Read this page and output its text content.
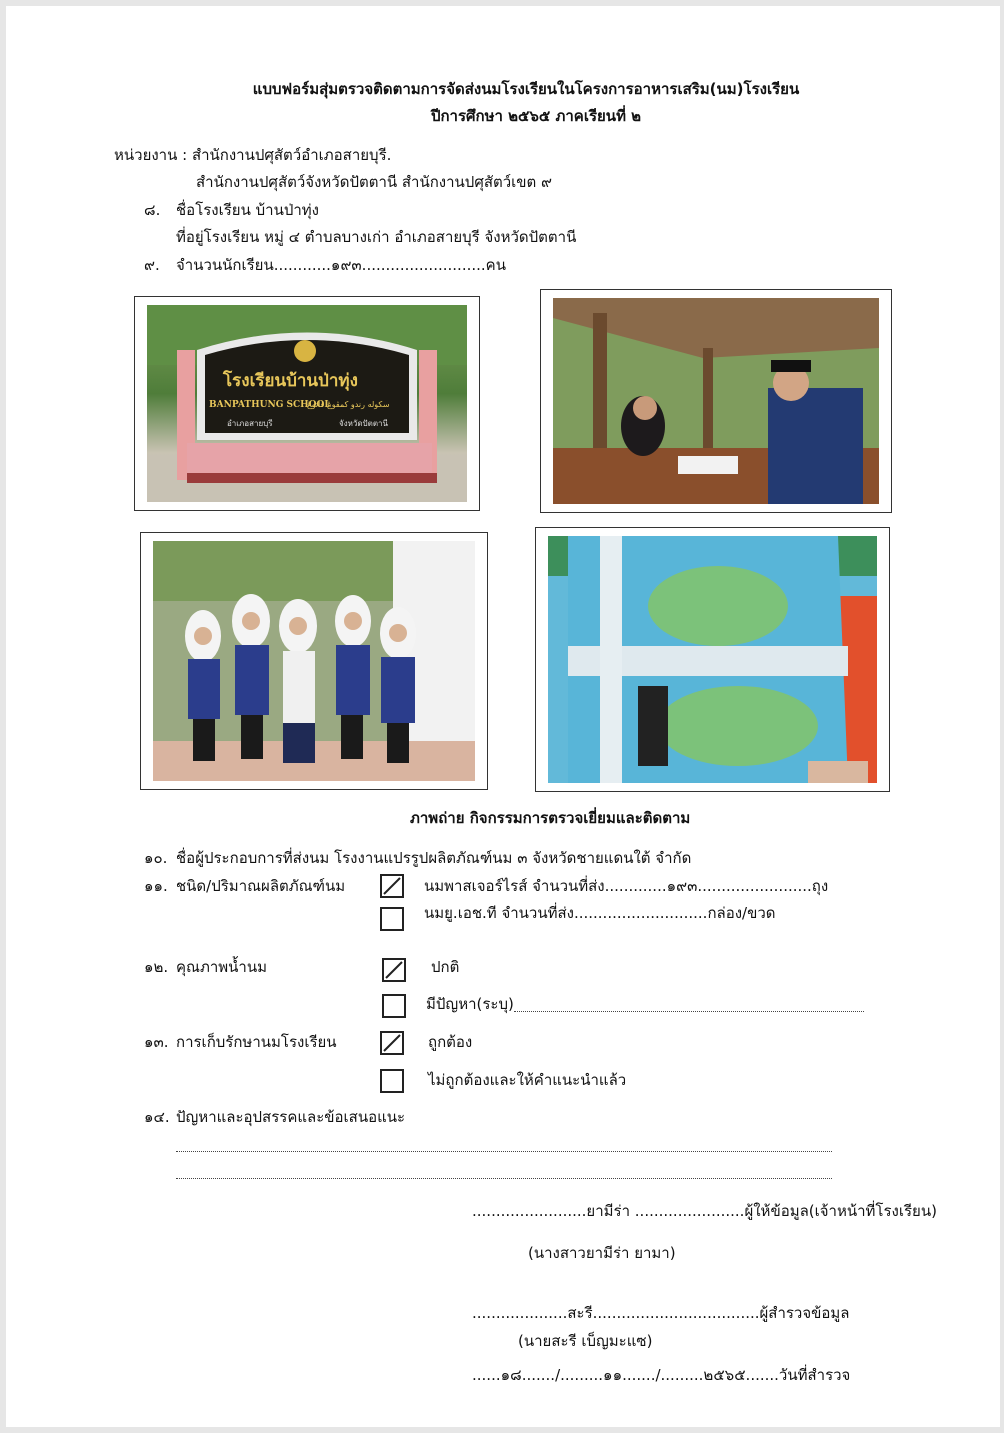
แบบฟอร์มสุ่มตรวจติดตามการจัดส่งนมโรงเรียนในโครงการอาหารเสริม(นม)โรงเรียน
ปีการศึกษา ๒๕๖๕ ภาคเรียนที่ ๒
หน่วยงาน : สำนักงานปศุสัตว์อำเภอสายบุรี.
สำนักงานปศุสัตว์จังหวัดปัตตานี สำนักงานปศุสัตว์เขต ๙
๘. ชื่อโรงเรียน บ้านป่าทุ่ง
ที่อยู่โรงเรียน หมู่ ๔ ตำบลบางเก่า อำเภอสายบุรี จังหวัดปัตตานี
๙. จำนวนนักเรียน............๑๙๓..........................คน
โรงเรียนบ้านป่าทุ่ง
BANPATHUNG SCHOOL
سکوله رندو کمڤوڠ ڤاتوڠ
อำเภอสายบุรี	จังหวัดปัตตานี
ภาพถ่าย กิจกรรมการตรวจเยี่ยมและติดตาม
๑๐. ชื่อผู้ประกอบการที่ส่งนม โรงงานแปรรูปผลิตภัณฑ์นม ๓ จังหวัดชายแดนใต้ จำกัด
๑๑. ชนิด/ปริมาณผลิตภัณฑ์นม	นมพาสเจอร์ไรส์ จำนวนที่ส่ง.............๑๙๓........................ถุง
นมยู.เอช.ที จำนวนที่ส่ง............................กล่อง/ขวด
๑๒. คุณภาพน้ำนม	ปกติ
มีปัญหา(ระบุ)
๑๓. การเก็บรักษานมโรงเรียน	ถูกต้อง
ไม่ถูกต้องและให้คำแนะนำแล้ว
๑๔. ปัญหาและอุปสรรคและข้อเสนอแนะ
........................ยามีร่า .......................ผู้ให้ข้อมูล(เจ้าหน้าที่โรงเรียน)
(นางสาวยามีร่า ยามา)
....................สะรี...................................ผู้สำรวจข้อมูล
(นายสะรี เบ็ญมะแซ)
......๑๘......./.........๑๑......./.........๒๕๖๕.......วันที่สำรวจ
